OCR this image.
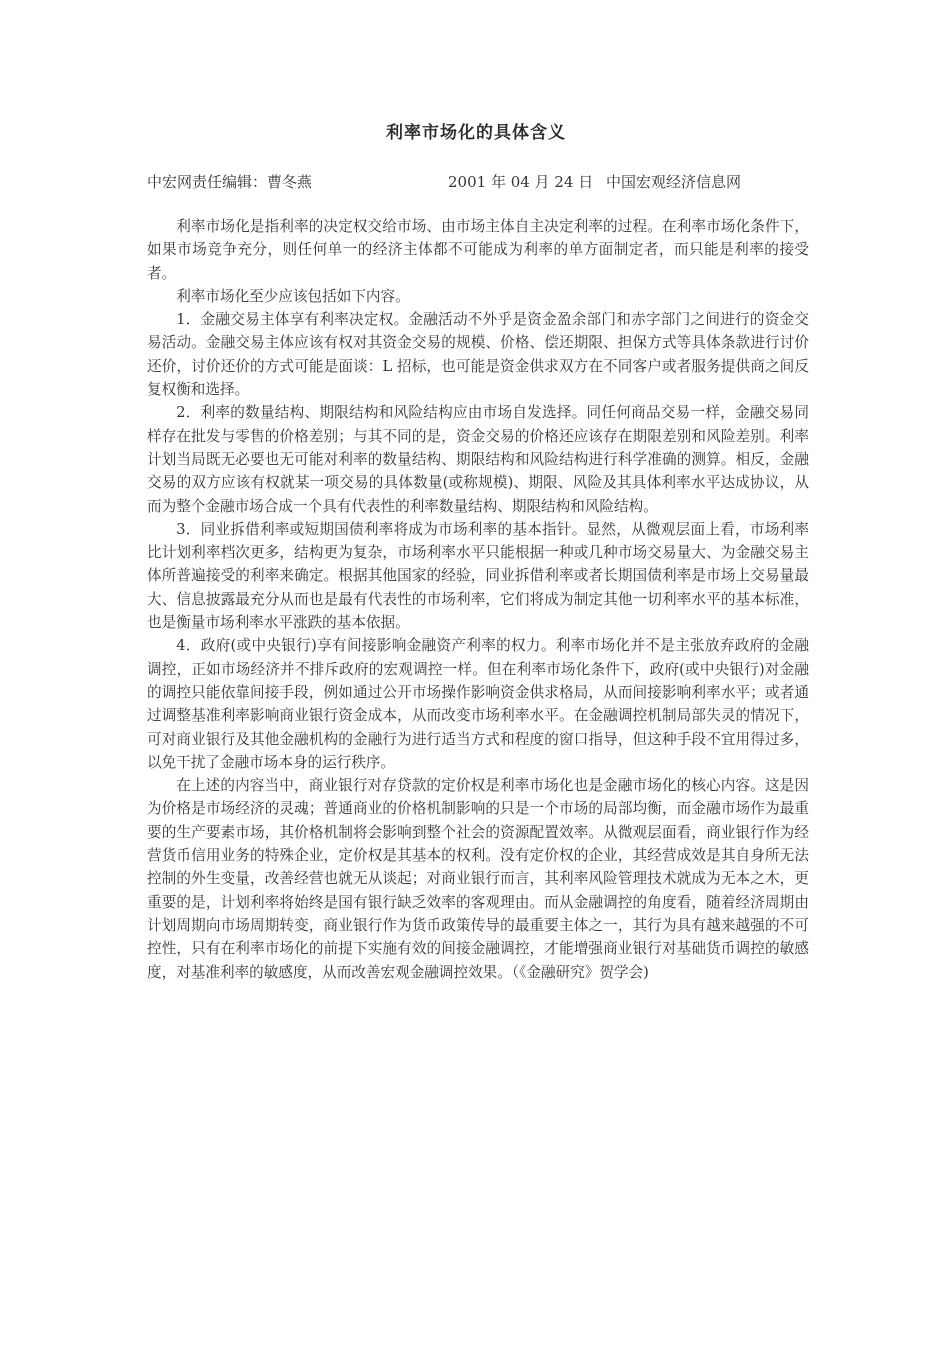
利率市场化的具体含义
中宏网责任编辑：曹冬燕	2001 年 04 月 24 日 中国宏观经济信息网

利率市场化是指利率的决定权交给市场、由市场主体自主决定利率的过程。在利率市场化条件下，如果市场竞争充分，则任何单一的经济主体都不可能成为利率的单方面制定者，而只能是利率的接受者。

利率市场化至少应该包括如下内容。

1．金融交易主体享有利率决定权。金融活动不外乎是资金盈余部门和赤字部门之间进行的资金交易活动。金融交易主体应该有权对其资金交易的规模、价格、偿还期限、担保方式等具体条款进行讨价还价，讨价还价的方式可能是面谈：L 招标，也可能是资金供求双方在不同客户或者服务提供商之间反复权衡和选择。

2．利率的数量结构、期限结构和风险结构应由市场自发选择。同任何商品交易一样，金融交易同样存在批发与零售的价格差别；与其不同的是，资金交易的价格还应该存在期限差别和风险差别。利率计划当局既无必要也无可能对利率的数量结构、期限结构和风险结构进行科学准确的测算。相反，金融交易的双方应该有权就某一项交易的具体数量(或称规模)、期限、风险及其具体利率水平达成协议，从而为整个金融市场合成一个具有代表性的利率数量结构、期限结构和风险结构。

3．同业拆借利率或短期国债利率将成为市场利率的基本指针。显然，从微观层面上看，市场利率比计划利率档次更多，结构更为复杂，市场利率水平只能根据一种或几种市场交易量大、为金融交易主体所普遍接受的利率来确定。根据其他国家的经验，同业拆借利率或者长期国债利率是市场上交易量最大、信息披露最充分从而也是最有代表性的市场利率，它们将成为制定其他一切利率水平的基本标准，也是衡量市场利率水平涨跌的基本依据。

4．政府(或中央银行)享有间接影响金融资产利率的权力。利率市场化并不是主张放弃政府的金融调控，正如市场经济并不排斥政府的宏观调控一样。但在利率市场化条件下，政府(或中央银行)对金融的调控只能依靠间接手段，例如通过公开市场操作影响资金供求格局，从而间接影响利率水平；或者通过调整基准利率影响商业银行资金成本，从而改变市场利率水平。在金融调控机制局部失灵的情况下，可对商业银行及其他金融机构的金融行为进行适当方式和程度的窗口指导，但这种手段不宜用得过多，以免干扰了金融市场本身的运行秩序。

在上述的内容当中，商业银行对存贷款的定价权是利率市场化也是金融市场化的核心内容。这是因为价格是市场经济的灵魂；普通商业的价格机制影响的只是一个市场的局部均衡，而金融市场作为最重要的生产要素市场，其价格机制将会影响到整个社会的资源配置效率。从微观层面看，商业银行作为经营货币信用业务的特殊企业，定价权是其基本的权利。没有定价权的企业，其经营成效是其自身所无法控制的外生变量，改善经营也就无从谈起；对商业银行而言，其利率风险管理技术就成为无本之木，更重要的是，计划利率将始终是国有银行缺乏效率的客观理由。而从金融调控的角度看，随着经济周期由计划周期向市场周期转变，商业银行作为货币政策传导的最重要主体之一，其行为具有越来越强的不可控性，只有在利率市场化的前提下实施有效的间接金融调控，才能增强商业银行对基础货币调控的敏感度，对基准利率的敏感度，从而改善宏观金融调控效果。（《金融研究》贺学会)
